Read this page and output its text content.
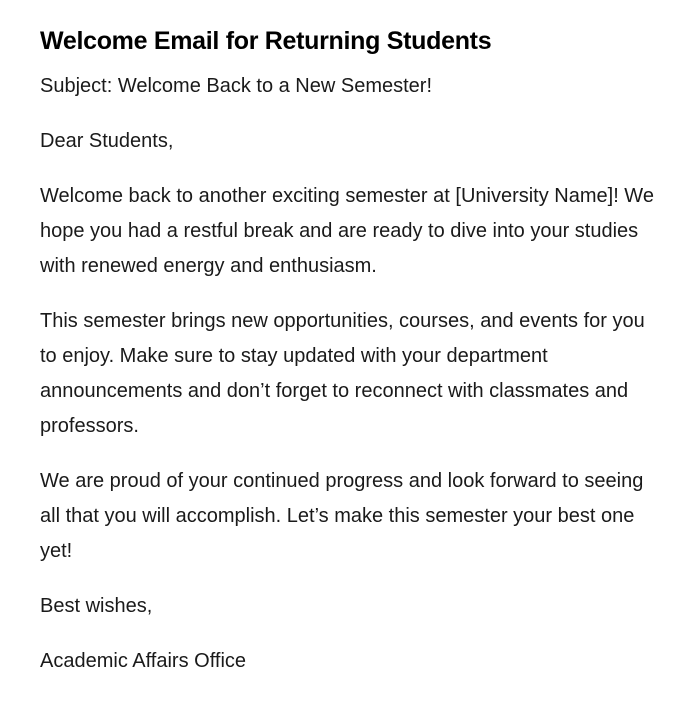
Welcome Email for Returning Students

Subject: Welcome Back to a New Semester!

Dear Students,

Welcome back to another exciting semester at [University Name]! We hope you had a restful break and are ready to dive into your studies with renewed energy and enthusiasm.

This semester brings new opportunities, courses, and events for you to enjoy. Make sure to stay updated with your department announcements and don’t forget to reconnect with classmates and professors.

We are proud of your continued progress and look forward to seeing all that you will accomplish. Let’s make this semester your best one yet!

Best wishes,

Academic Affairs Office
